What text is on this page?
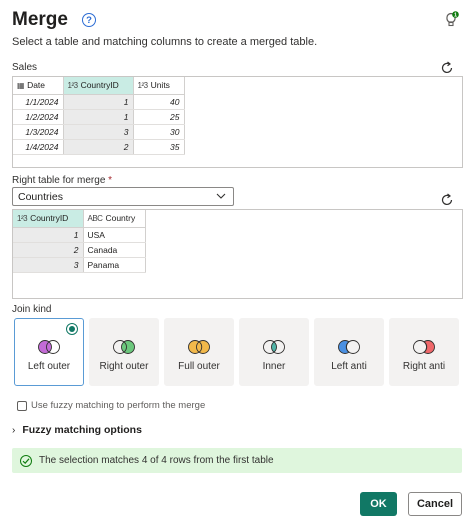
Merge	?	1
Select a table and matching columns to create a merged table.
Sales
▦ Date	1²3 CountryID	1²3 Units
1/1/2024	1	40
1/2/2024	1	25
1/3/2024	3	30
1/4/2024	2	35
Right table for merge *
Countries
1²3 CountryID	ABC Country
1	USA
2	Canada
3	Panama
Join kind
Left outer	Right outer	Full outer	Inner	Left anti	Right anti
Use fuzzy matching to perform the merge
› Fuzzy matching options
The selection matches 4 of 4 rows from the first table
OK	Cancel
